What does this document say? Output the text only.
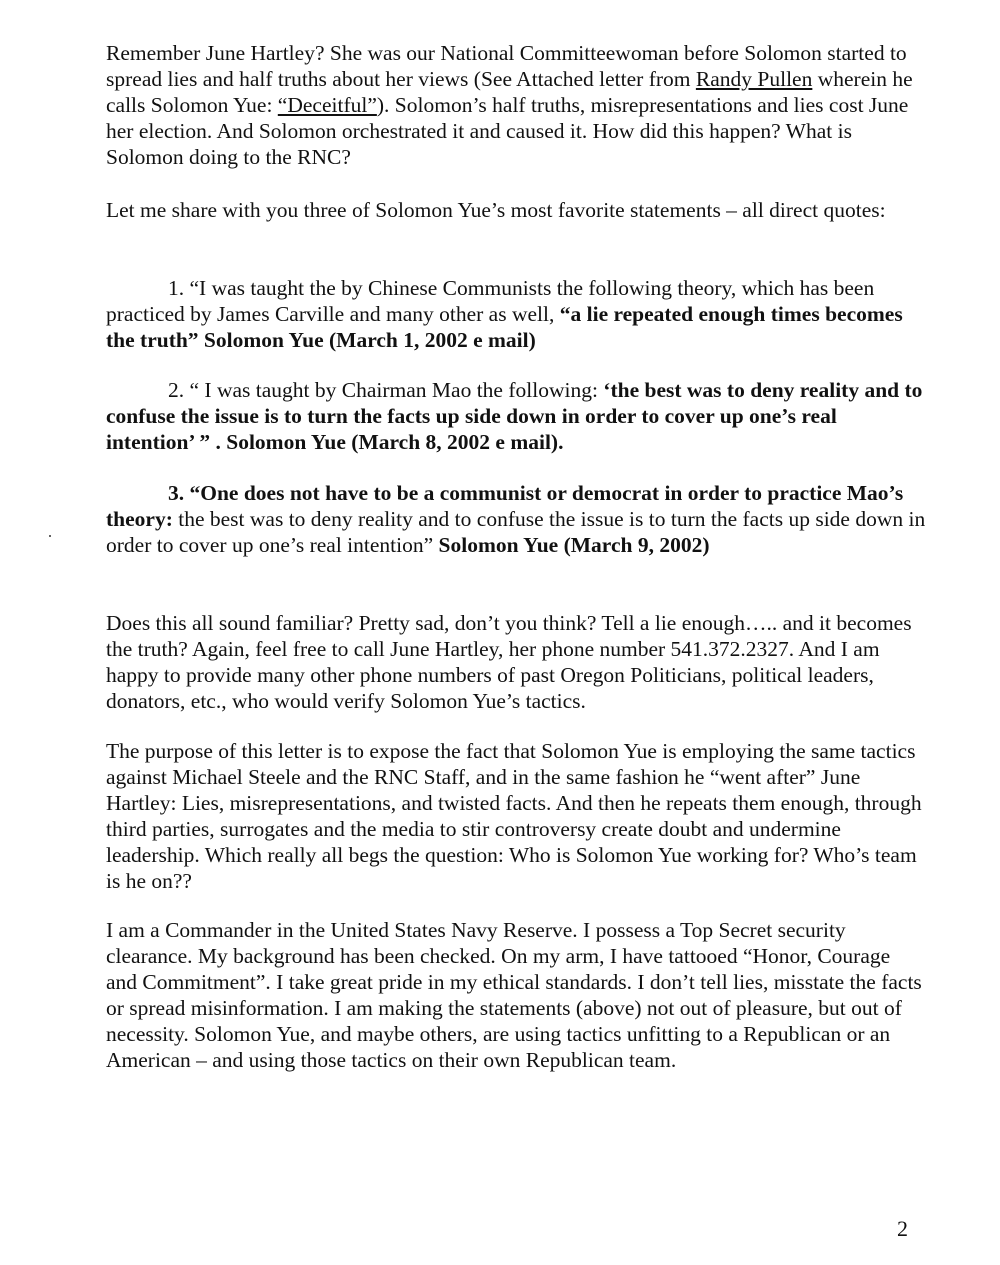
Remember June Hartley? She was our National Committeewoman before Solomon started to spread lies and half truths about her views (See Attached letter from Randy Pullen wherein he calls Solomon Yue: “Deceitful”). Solomon’s half truths, misrepresentations and lies cost June her election. And Solomon orchestrated it and caused it. How did this happen? What is Solomon doing to the RNC?

Let me share with you three of Solomon Yue’s most favorite statements – all direct quotes:

1. “I was taught the by Chinese Communists the following theory, which has been practiced by James Carville and many other as well, “a lie repeated enough times becomes the truth” Solomon Yue (March 1, 2002 e mail)

2. “ I was taught by Chairman Mao the following: ‘the best was to deny reality and to confuse the issue is to turn the facts up side down in order to cover up one’s real intention’ ” . Solomon Yue (March 8, 2002 e mail).

3. “One does not have to be a communist or democrat in order to practice Mao’s theory: the best was to deny reality and to confuse the issue is to turn the facts up side down in order to cover up one’s real intention” Solomon Yue (March 9, 2002)

Does this all sound familiar? Pretty sad, don’t you think? Tell a lie enough….. and it becomes the truth? Again, feel free to call June Hartley, her phone number 541.372.2327. And I am happy to provide many other phone numbers of past Oregon Politicians, political leaders, donators, etc., who would verify Solomon Yue’s tactics.

The purpose of this letter is to expose the fact that Solomon Yue is employing the same tactics against Michael Steele and the RNC Staff, and in the same fashion he “went after” June Hartley: Lies, misrepresentations, and twisted facts. And then he repeats them enough, through third parties, surrogates and the media to stir controversy create doubt and undermine leadership. Which really all begs the question: Who is Solomon Yue working for? Who’s team is he on??

I am a Commander in the United States Navy Reserve. I possess a Top Secret security clearance. My background has been checked. On my arm, I have tattooed “Honor, Courage and Commitment”. I take great pride in my ethical standards. I don’t tell lies, misstate the facts or spread misinformation. I am making the statements (above) not out of pleasure, but out of necessity. Solomon Yue, and maybe others, are using tactics unfitting to a Republican or an American – and using those tactics on their own Republican team.

2
